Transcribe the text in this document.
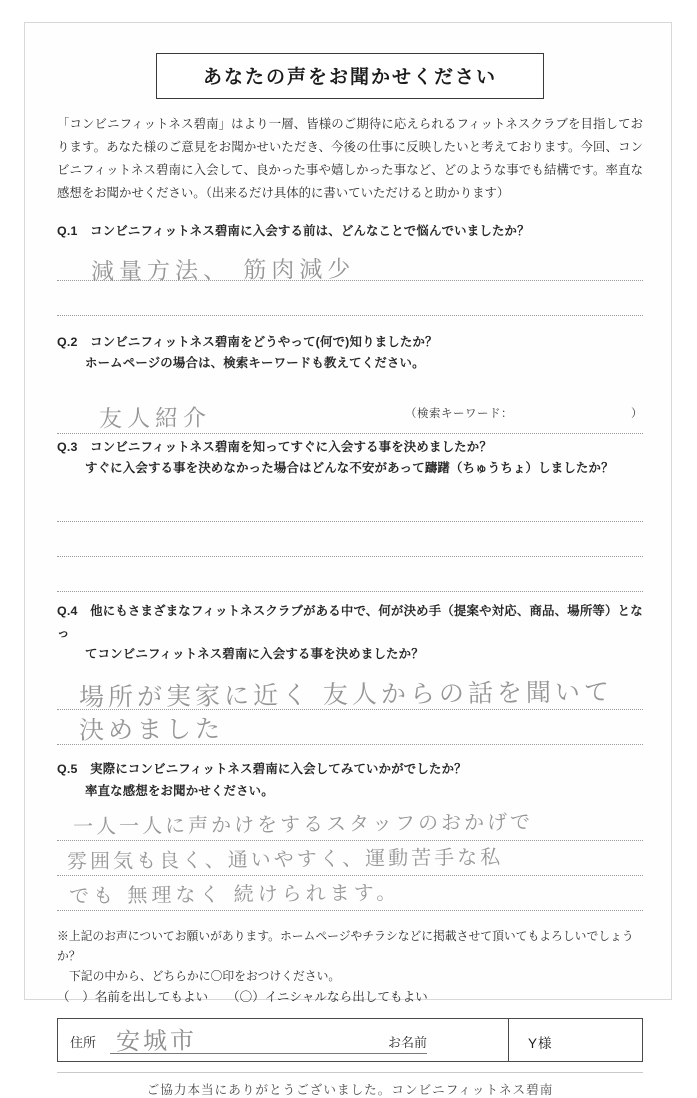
あなたの声をお聞かせください
「コンビニフィットネス碧南」はより一層、皆様のご期待に応えられるフィットネスクラブを目指しております。あなた様のご意見をお聞かせいただき、今後の仕事に反映したいと考えております。今回、コンビニフィットネス碧南に入会して、良かった事や嬉しかった事など、どのような事でも結構です。率直な感想をお聞かせください。（出来るだけ具体的に書いていただけると助かります）
Q.1　コンビニフィットネス碧南に入会する前は、どんなことで悩んでいましたか？
減量方法、 筋肉減少
Q.2　コンビニフィットネス碧南をどうやって(何で)知りましたか？
ホームページの場合は、検索キーワードも教えてください。
友人紹介	（検索キーワード：	）
Q.3　コンビニフィットネス碧南を知ってすぐに入会する事を決めましたか？
すぐに入会する事を決めなかった場合はどんな不安があって躊躇（ちゅうちょ）しましたか？
Q.4　他にもさまざまなフィットネスクラブがある中で、何が決め手（提案や対応、商品、場所等）となっ
てコンビニフィットネス碧南に入会する事を決めましたか？
場所が実家に近く 友人からの話を聞いて
決めました
Q.5　実際にコンビニフィットネス碧南に入会してみていかがでしたか？
率直な感想をお聞かせください。
一人一人に声かけをするスタッフのおかげで
雰囲気も良く、通いやすく、運動苦手な私
でも 無理なく 続けられます。
※上記のお声についてお願いがあります。ホームページやチラシなどに掲載させて頂いてもよろしいでしょうか？
下記の中から、どちらかに〇印をおつけください。
（　）名前を出してもよい　　（〇）イニシャルなら出してもよい
住所 安城市	お名前	Y様
ご協力本当にありがとうございました。コンビニフィットネス碧南
